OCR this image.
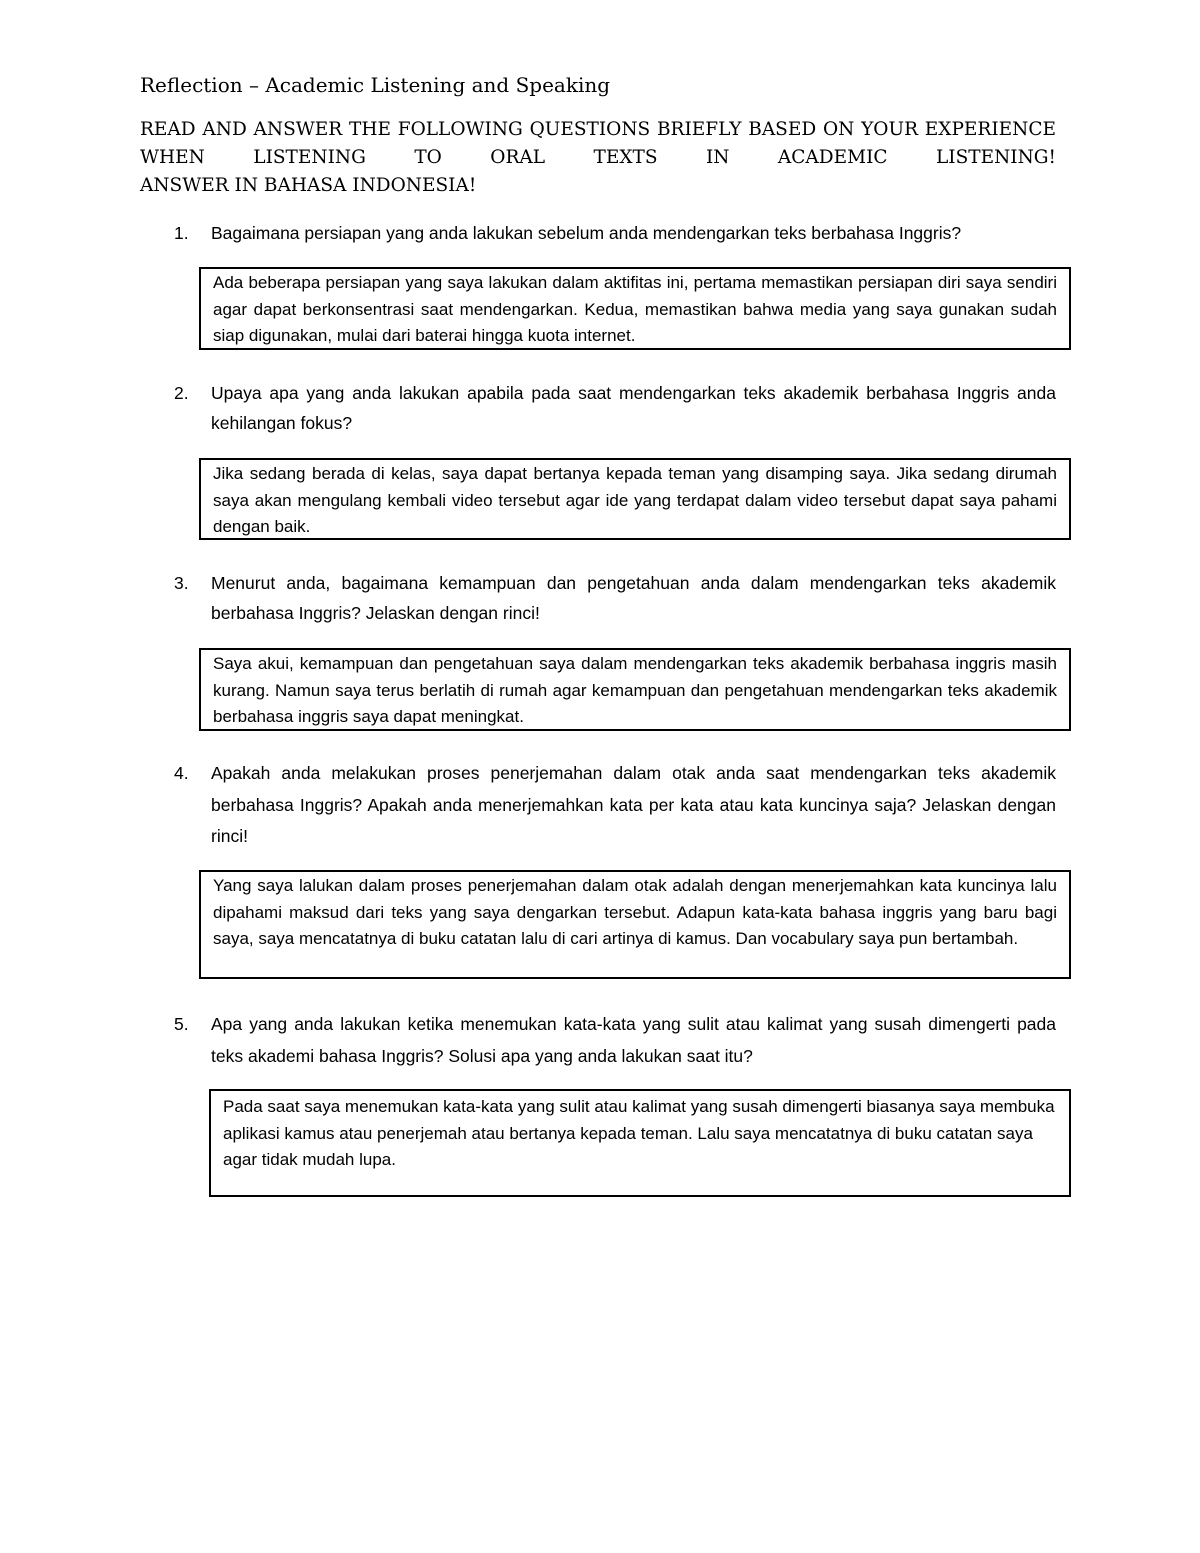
Reflection – Academic Listening and Speaking
READ AND ANSWER THE FOLLOWING QUESTIONS BRIEFLY BASED ON YOUR EXPERIENCE WHEN LISTENING TO ORAL TEXTS IN ACADEMIC LISTENING!
ANSWER IN BAHASA INDONESIA!
1.	Bagaimana persiapan yang anda lakukan sebelum anda mendengarkan teks berbahasa Inggris?
Ada beberapa persiapan yang saya lakukan dalam aktifitas ini, pertama memastikan persiapan diri saya sendiri agar dapat berkonsentrasi saat mendengarkan. Kedua, memastikan bahwa media yang saya gunakan sudah siap digunakan, mulai dari baterai hingga kuota internet.
2.	Upaya apa yang anda lakukan apabila pada saat mendengarkan teks akademik berbahasa Inggris anda kehilangan fokus?
Jika sedang berada di kelas, saya dapat bertanya kepada teman yang disamping saya. Jika sedang dirumah saya akan mengulang kembali video tersebut agar ide yang terdapat dalam video tersebut dapat saya pahami dengan baik.
3.	Menurut anda, bagaimana kemampuan dan pengetahuan anda dalam mendengarkan teks akademik berbahasa Inggris? Jelaskan dengan rinci!
Saya akui, kemampuan dan pengetahuan saya dalam mendengarkan teks akademik berbahasa inggris masih kurang. Namun saya terus berlatih di rumah agar kemampuan dan pengetahuan mendengarkan teks akademik berbahasa inggris saya dapat meningkat.
4.	Apakah anda melakukan proses penerjemahan dalam otak anda saat mendengarkan teks akademik berbahasa Inggris? Apakah anda menerjemahkan kata per kata atau kata kuncinya saja? Jelaskan dengan rinci!
Yang saya lalukan dalam proses penerjemahan dalam otak adalah dengan menerjemahkan kata kuncinya lalu dipahami maksud dari teks yang saya dengarkan tersebut. Adapun kata-kata bahasa inggris yang baru bagi saya, saya mencatatnya di buku catatan lalu di cari artinya di kamus. Dan vocabulary saya pun bertambah.
5.	Apa yang anda lakukan ketika menemukan kata-kata yang sulit atau kalimat yang susah dimengerti pada teks akademi bahasa Inggris? Solusi apa yang anda lakukan saat itu?
Pada saat saya menemukan kata-kata yang sulit atau kalimat yang susah dimengerti biasanya saya membuka aplikasi kamus atau penerjemah atau bertanya kepada teman. Lalu saya mencatatnya di buku catatan saya agar tidak mudah lupa.
